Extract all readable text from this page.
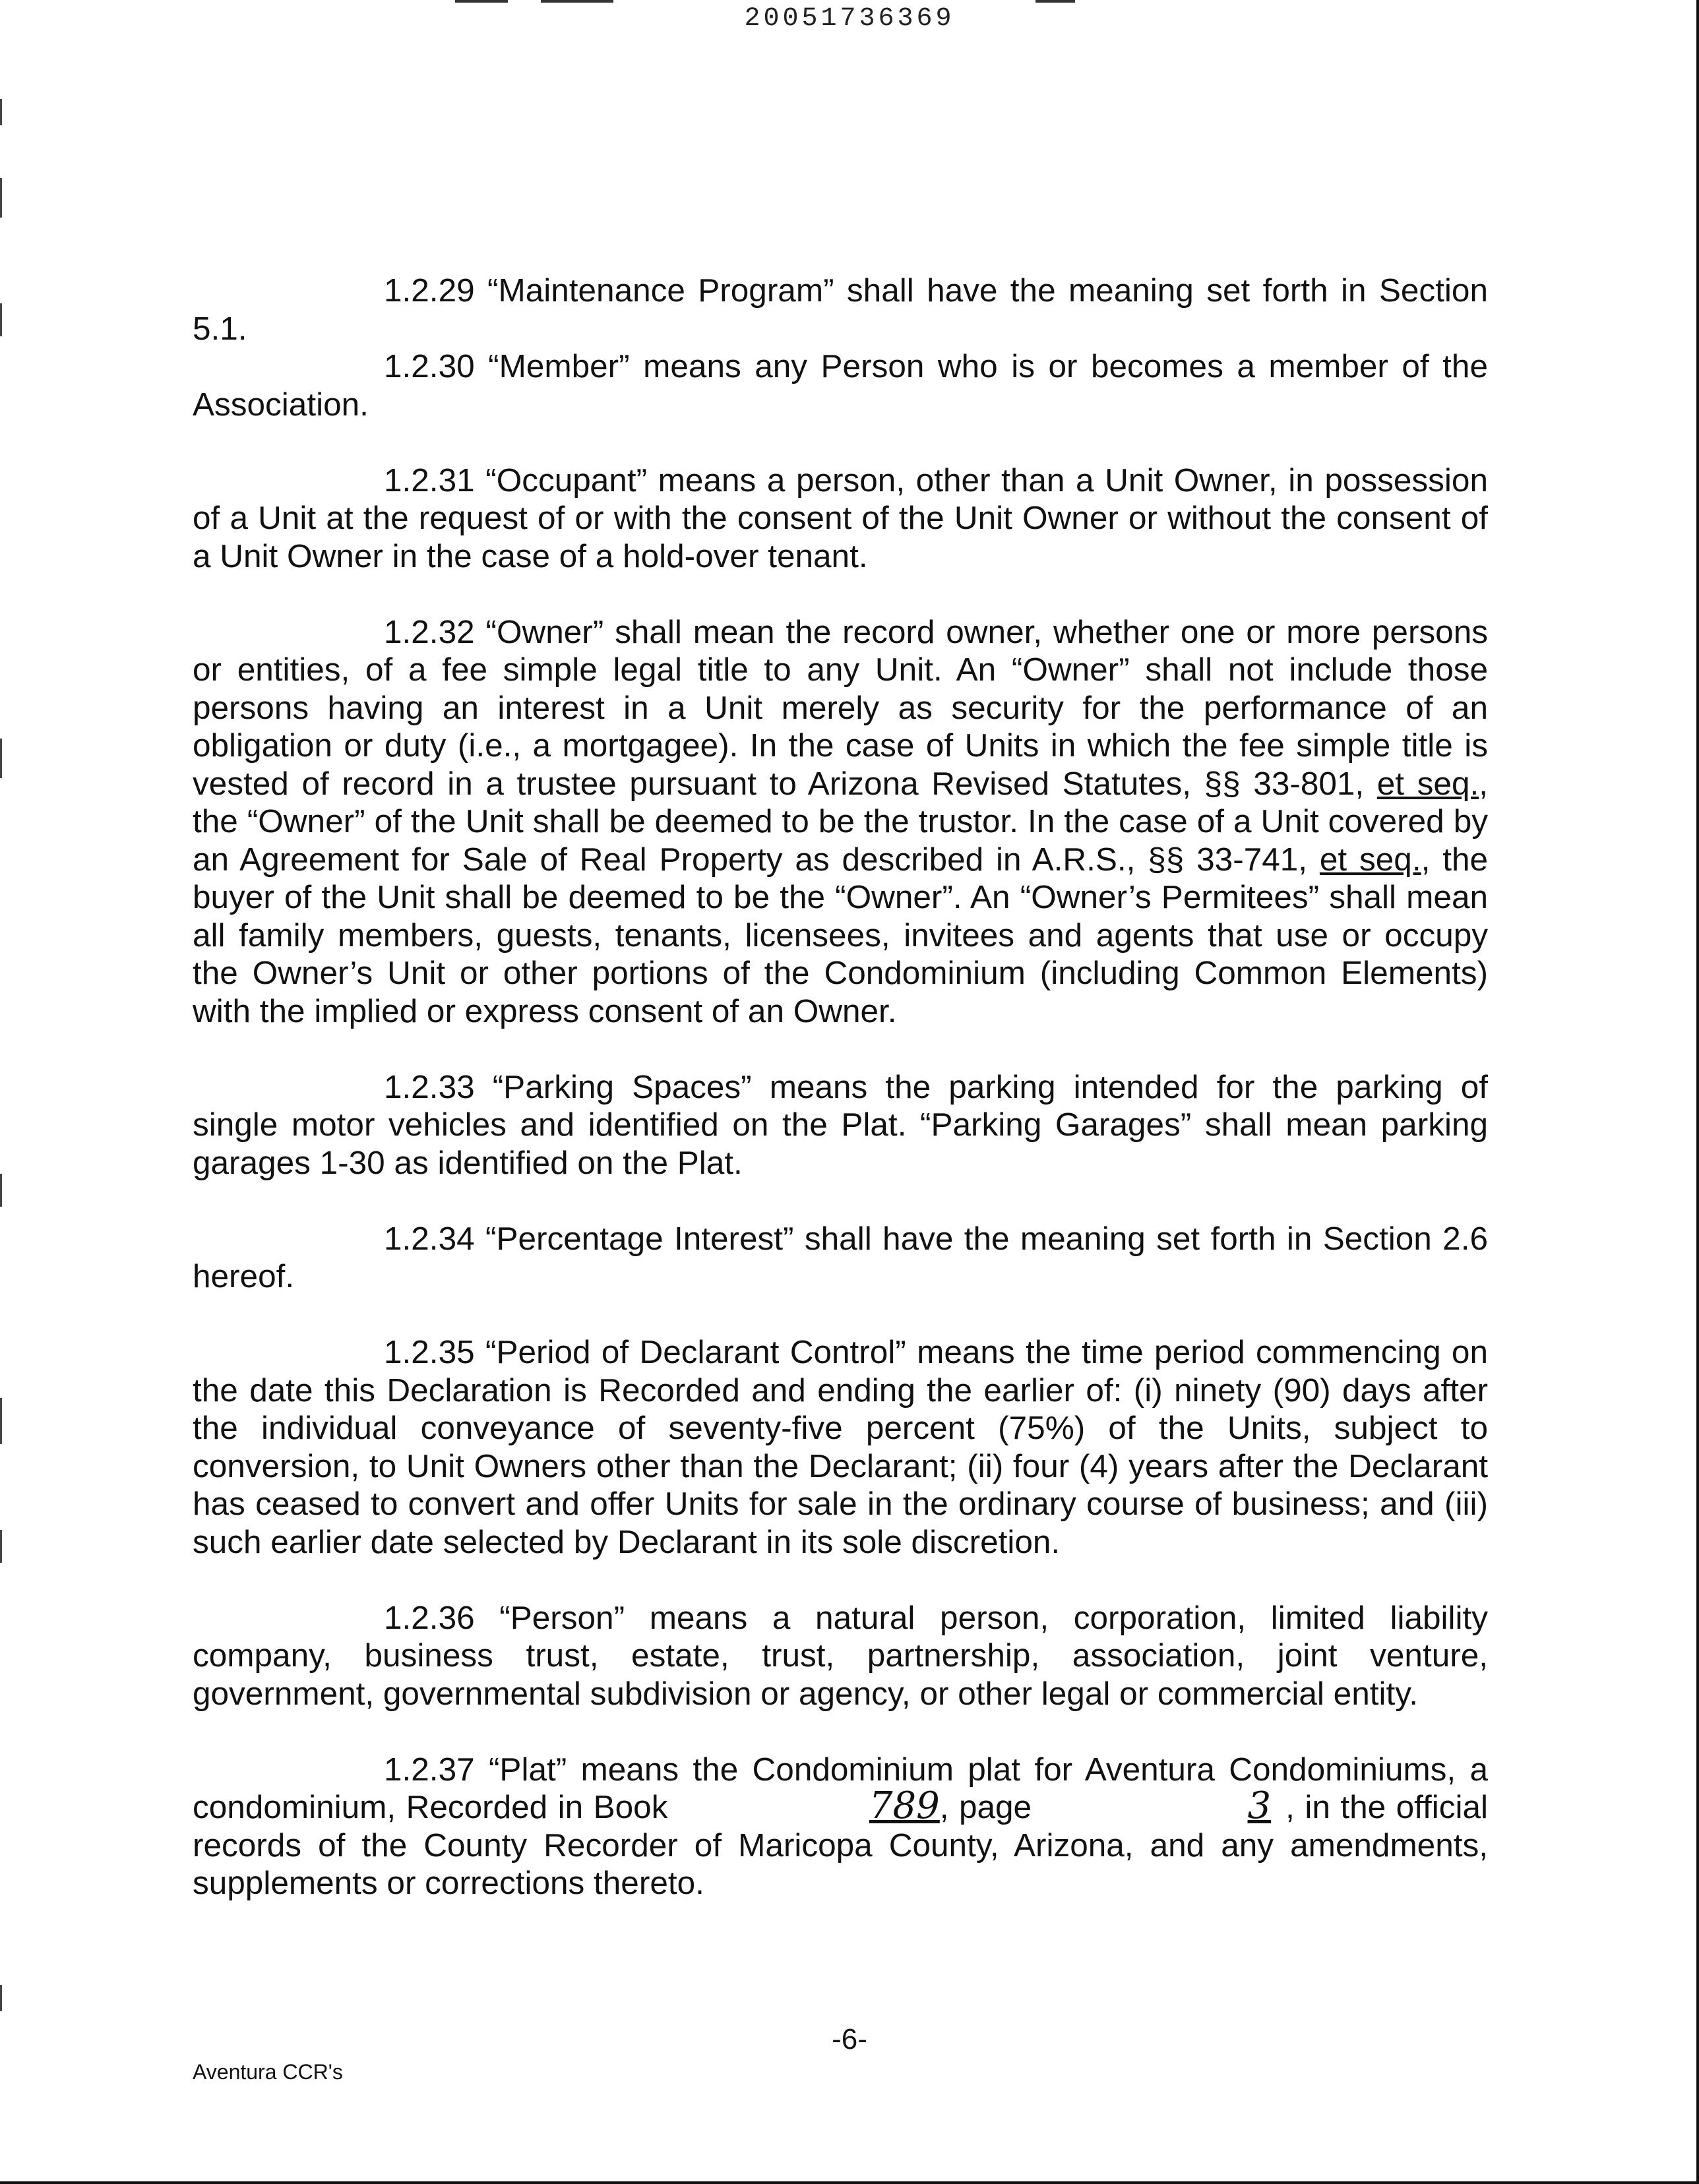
20051736369

1.2.29 “Maintenance Program” shall have the meaning set forth in Section 5.1.

1.2.30 “Member” means any Person who is or becomes a member of the Association.

1.2.31 “Occupant” means a person, other than a Unit Owner, in possession of a Unit at the request of or with the consent of the Unit Owner or without the consent of a Unit Owner in the case of a hold-over tenant.

1.2.32 “Owner” shall mean the record owner, whether one or more persons or entities, of a fee simple legal title to any Unit. An “Owner” shall not include those persons having an interest in a Unit merely as security for the performance of an obligation or duty (i.e., a mortgagee). In the case of Units in which the fee simple title is vested of record in a trustee pursuant to Arizona Revised Statutes, §§ 33-801, et seq., the “Owner” of the Unit shall be deemed to be the trustor. In the case of a Unit covered by an Agreement for Sale of Real Property as described in A.R.S., §§ 33-741, et seq., the buyer of the Unit shall be deemed to be the “Owner”. An “Owner’s Permitees” shall mean all family members, guests, tenants, licensees, invitees and agents that use or occupy the Owner’s Unit or other portions of the Condominium (including Common Elements) with the implied or express consent of an Owner.

1.2.33 “Parking Spaces” means the parking intended for the parking of single motor vehicles and identified on the Plat. “Parking Garages” shall mean parking garages 1-30 as identified on the Plat.

1.2.34 “Percentage Interest” shall have the meaning set forth in Section 2.6 hereof.

1.2.35 “Period of Declarant Control” means the time period commencing on the date this Declaration is Recorded and ending the earlier of: (i) ninety (90) days after the individual conveyance of seventy-five percent (75%) of the Units, subject to conversion, to Unit Owners other than the Declarant; (ii) four (4) years after the Declarant has ceased to convert and offer Units for sale in the ordinary course of business; and (iii) such earlier date selected by Declarant in its sole discretion.

1.2.36 “Person” means a natural person, corporation, limited liability company, business trust, estate, trust, partnership, association, joint venture, government, governmental subdivision or agency, or other legal or commercial entity.

1.2.37 “Plat” means the Condominium plat for Aventura Condominiums, a condominium, Recorded in Book	789, page	3 , in the official records of the County Recorder of Maricopa County, Arizona, and any amendments, supplements or corrections thereto.

-6-
Aventura CCR's
